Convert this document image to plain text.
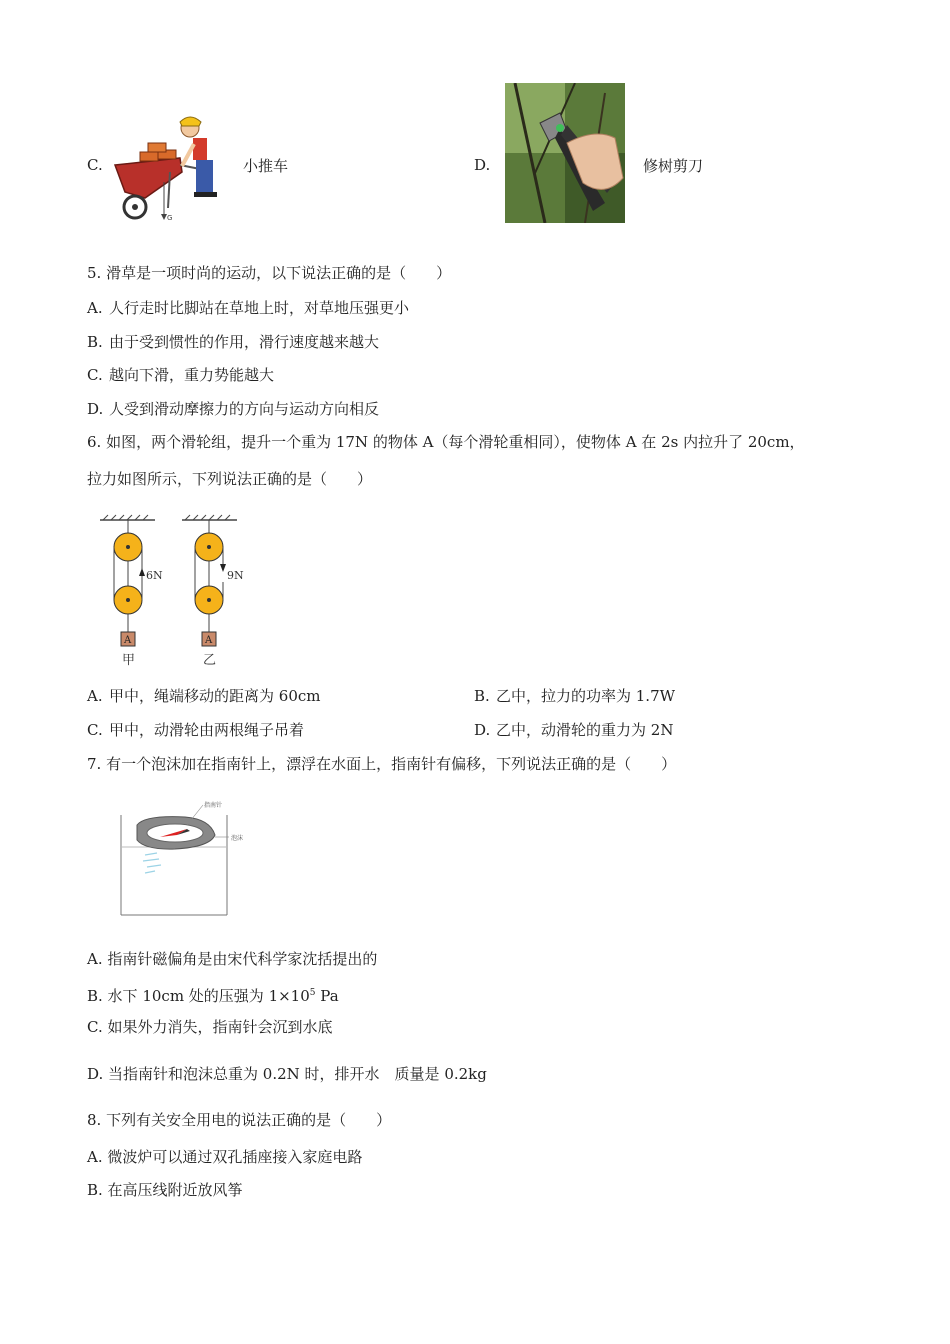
C.
G
小推车	D.	修树剪刀
5. 滑草是一项时尚的运动，以下说法正确的是（　　）
A. 人行走时比脚站在草地上时，对草地压强更小
B. 由于受到惯性的作用，滑行速度越来越大
C. 越向下滑，重力势能越大
D. 人受到滑动摩擦力的方向与运动方向相反
6. 如图，两个滑轮组，提升一个重为 17N 的物体 A（每个滑轮重相同），使物体 A 在 2s 内拉升了 20cm，
拉力如图所示，下列说法正确的是（　　）
6N
A
甲
9N
A
乙
A. 甲中，绳端移动的距离为 60cm	B. 乙中，拉力的功率为 1.7W
C. 甲中，动滑轮由两根绳子吊着	D. 乙中，动滑轮的重力为 2N
7. 有一个泡沫加在指南针上，漂浮在水面上，指南针有偏移，下列说法正确的是（　　）
指南针
泡沫
A. 指南针磁偏角是由宋代科学家沈括提出的
B. 水下 10cm 处的压强为 $1\times 10^5$ Pa
C. 如果外力消失，指南针会沉到水底
D. 当指南针和泡沫总重为 0.2N 时，排开水　质量是 0.2kg
8. 下列有关安全用电的说法正确的是（　　）
A. 微波炉可以通过双孔插座接入家庭电路
B. 在高压线附近放风筝
